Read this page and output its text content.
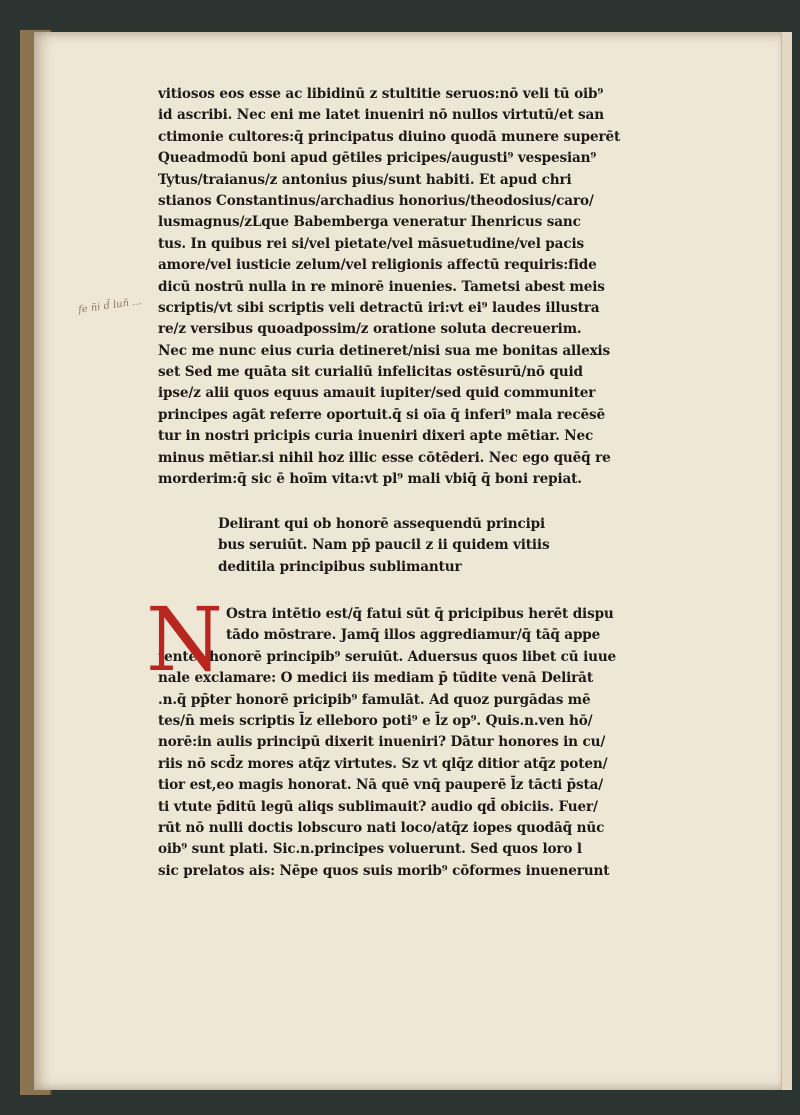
fe n̄i d̄ lun̄ ...
vitiosos eos esse ac libidinū z stultitie seruos:nō veli tū oib⁹
id ascribi. Nec eni me latet inueniri nō nullos virtutū/et san
ctimonie cultores:q̄ principatus diuino quodā munere superēt
Queadmodū boni apud gētiles pricipes/augusti⁹ vespesian⁹
Tytus/traianus/z antonius pius/sunt habiti. Et apud chri
stianos Constantinus/archadius honorius/theodosius/caro/
lusmagnus/zLque Babemberga veneratur Ihenricus sanc
tus. In quibus rei si/vel pietate/vel māsuetudine/vel pacis
amore/vel iusticie zelum/vel religionis affectū requiris:fide
dicū nostrū nulla in re minorē inuenies. Tametsi abest meis
scriptis/vt sibi scriptis veli detractū iri:vt ei⁹ laudes illustra
re/z versibus quoadpossim/z oratione soluta decreuerim.
Nec me nunc eius curia detineret/nisi sua me bonitas allexis
set Sed me quāta sit curialiū infelicitas ostēsurū/nō quid
ipse/z alii quos equus amauit iupiter/sed quid communiter
principes agāt referre oportuit.q̄ si oīa q̄ inferi⁹ mala recēsē
tur in nostri pricipis curia inueniri dixeri apte mētiar. Nec
minus mētiar.si nihil hoz illic esse cōtēderi. Nec ego quēq̄ re
morderim:q̄ sic ē hoīm vita:vt pl⁹ mali vbiq̄ q̄ boni repiat.
Delirant qui ob honorē assequendū principi
bus seruiūt. Nam pp̄ paucil z ii quidem vitiis
deditila principibus sublimantur
N Ostra intētio est/q̄ fatui sūt q̄ pricipibus herēt dispu
tādo mōstrare. Jamq̄ illos aggrediamur/q̄ tāq̄ appe
tentes honorē principib⁹ seruiūt. Aduersus quos libet cū iuue
nale exclamare: O medici iis mediam p̄ tūdite venā Delirāt
.n.q̄ pp̄ter honorē pricipib⁹ famulāt. Ad quoz purgādas mē
tes/n̄ meis scriptis l̄z elleboro poti⁹ e l̄z op⁹. Quis.n.ven hō/
norē:in aulis principū dixerit inueniri? Dātur honores in cu/
riis nō scd̄z mores atq̄z virtutes. Sz vt qlq̄z ditior atq̄z poten/
tior est,eo magis honorat. Nā quē vnq̄ pauperē l̄z tācti p̄sta/
ti vtute p̄ditū legū aliqs sublimauit? audio qd̄ obiciis. Fuer/
rūt nō nulli doctis lobscuro nati loco/atq̄z iopes quodāq̄ nūc
oib⁹ sunt plati. Sic.n.principes voluerunt. Sed quos loro l
sic prelatos ais: Nēpe quos suis morib⁹ cōformes inuenerunt
